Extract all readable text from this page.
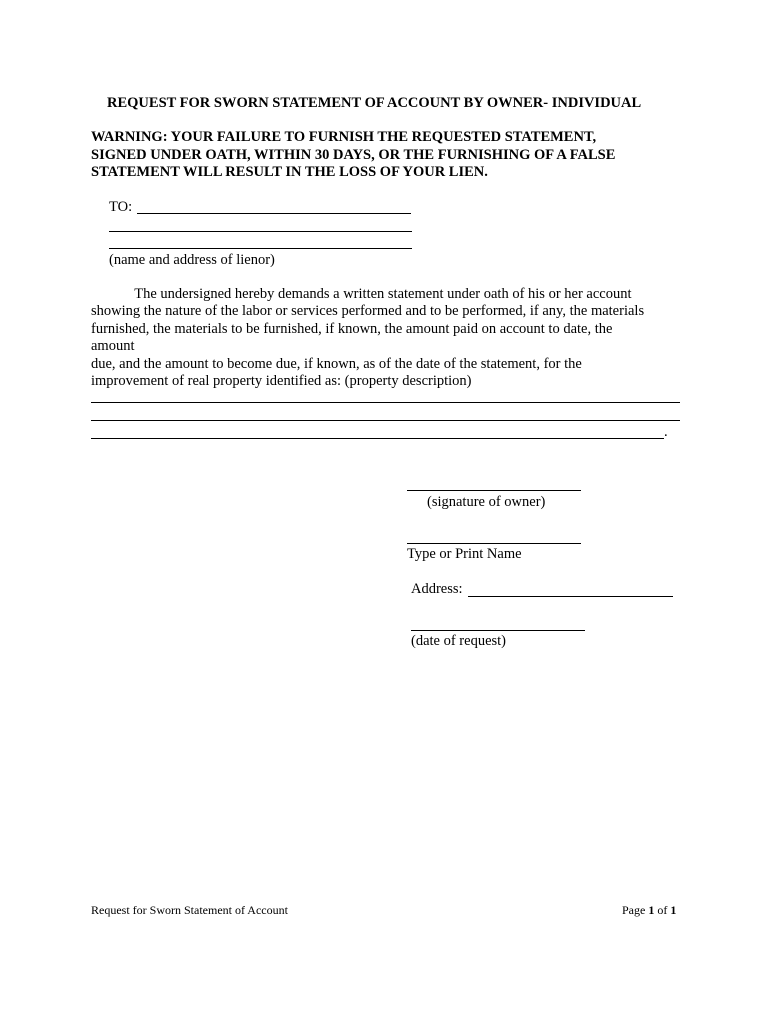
REQUEST FOR SWORN STATEMENT OF ACCOUNT BY OWNER- INDIVIDUAL
WARNING: YOUR FAILURE TO FURNISH THE REQUESTED STATEMENT,
SIGNED UNDER OATH, WITHIN 30 DAYS, OR THE FURNISHING OF A FALSE
STATEMENT WILL RESULT IN THE LOSS OF YOUR LIEN.
TO:
(name and address of lienor)
The undersigned hereby demands a written statement under oath of his or her account
showing the nature of the labor or services performed and to be performed, if any, the materials
furnished, the materials to be furnished, if known, the amount paid on account to date, the
amount
due, and the amount to become due, if known, as of the date of the statement, for the
improvement of real property identified as: (property description)
.
(signature of owner)
Type or Print Name
Address:
(date of request)
Request for Sworn Statement of Account	Page 1 of 1
